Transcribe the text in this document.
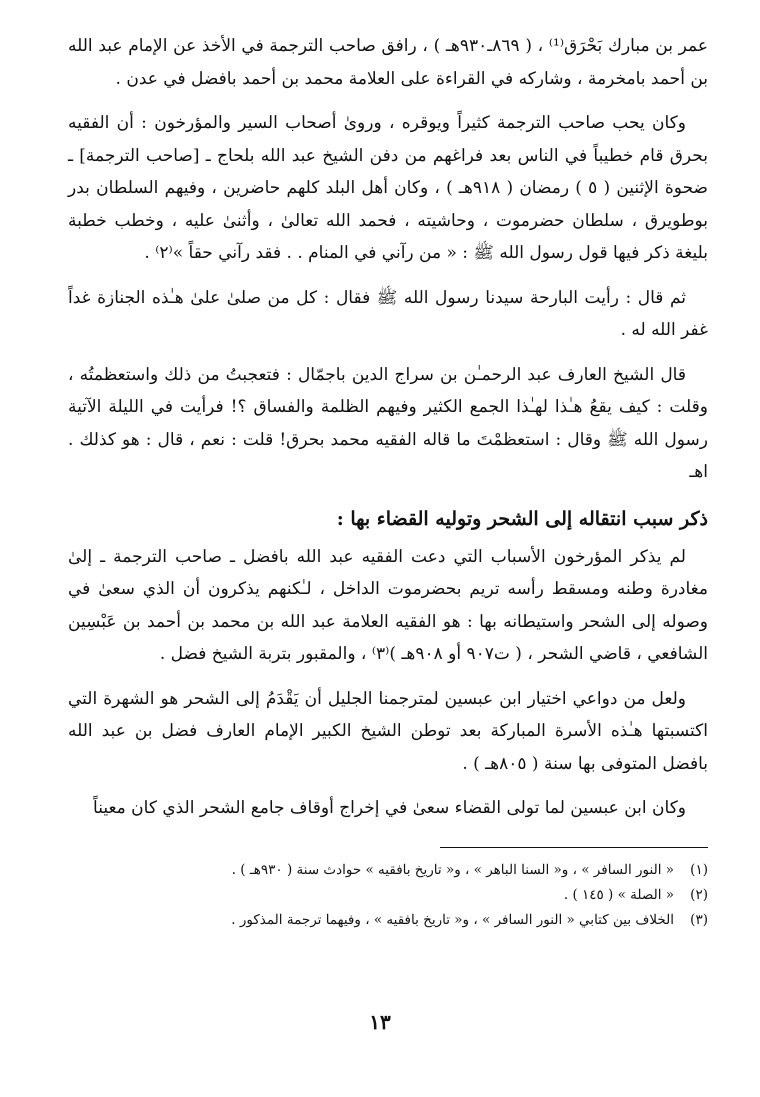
عمر بن مبارك بَحْرَق⁽¹⁾ ، ( ٨٦٩ـ٩٣٠هـ ) ، رافق صاحب الترجمة في الأخذ عن الإمام عبد الله بن أحمد بامخرمة ، وشاركه في القراءة على العلامة محمد بن أحمد بافضل في عدن .

وكان يحب صاحب الترجمة كثيراً ويوقره ، وروىٰ أصحاب السير والمؤرخون : أن الفقيه بحرق قام خطيباً في الناس بعد فراغهم من دفن الشيخ عبد الله بلحاج ـ [صاحب الترجمة] ـ ضحوة الإثنين ( ٥ ) رمضان ( ٩١٨هـ ) ، وكان أهل البلد كلهم حاضرين ، وفيهم السلطان بدر بوطويرق ، سلطان حضرموت ، وحاشيته ، فحمد الله تعالىٰ ، وأثنىٰ عليه ، وخطب خطبة بليغة ذكر فيها قول رسول الله ﷺ : « من رآني في المنام . . فقد رآني حقاً »⁽٢⁾ .

ثم قال : رأيت البارحة سيدنا رسول الله ﷺ فقال : كل من صلىٰ علىٰ هـٰذه الجنازة غداً غفر الله له .

قال الشيخ العارف عبد الرحمـٰن بن سراج الدين باجمّال : فتعجبتُ من ذلك واستعظمتُه ، وقلت : كيف يقعُ هـٰذا لهـٰذا الجمع الكثير وفيهم الظلمة والفساق ؟! فرأيت في الليلة الآتية رسول الله ﷺ وقال : استعظمْتَ ما قاله الفقيه محمد بحرق! قلت : نعم ، قال : هو كذلك . اهـ

ذكر سبب انتقاله إلى الشحر وتوليه القضاء بها :

لم يذكر المؤرخون الأسباب التي دعت الفقيه عبد الله بافضل ـ صاحب الترجمة ـ إلىٰ مغادرة وطنه ومسقط رأسه تريم بحضرموت الداخل ، لـٰكنهم يذكرون أن الذي سعىٰ في وصوله إلى الشحر واستيطانه بها : هو الفقيه العلامة عبد الله بن محمد بن أحمد بن عَبْسِين الشافعي ، قاضي الشحر ، ( ت٩٠٧ أو ٩٠٨هـ )⁽٣⁾ ، والمقبور بتربة الشيخ فضل .

ولعل من دواعي اختيار ابن عبسين لمترجمنا الجليل أن يَقْدَمُ إلى الشحر هو الشهرة التي اكتسبتها هـٰذه الأسرة المباركة بعد توطن الشيخ الكبير الإمام العارف فضل بن عبد الله بافضل المتوفى بها سنة ( ٨٠٥هـ ) .

وكان ابن عبسين لما تولى القضاء سعىٰ في إخراج أوقاف جامع الشحر الذي كان معيناً

(١)
« النور السافر » ، و« السنا الباهر » ، و« تاريخ بافقيه » حوادث سنة ( ٩٣٠هـ ) .
(٢)
« الصلة » ( ١٤٥ ) .
(٣)
الخلاف بين كتابي « النور السافر » ، و« تاريخ بافقيه » ، وفيهما ترجمة المذكور .
١٣
